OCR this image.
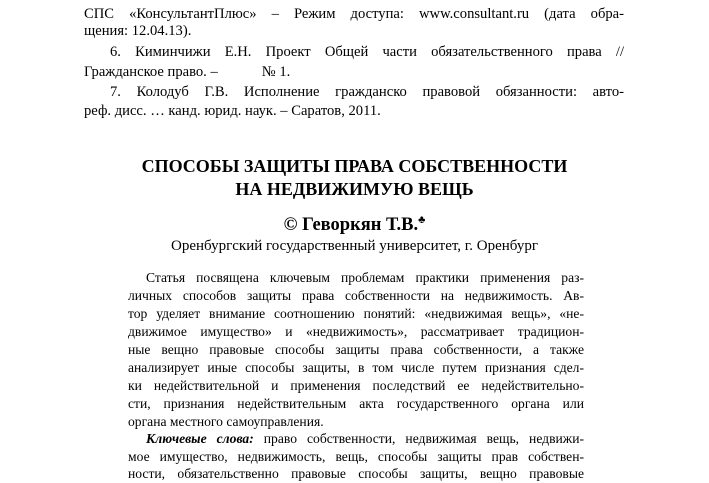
СПС «КонсультантПлюс» – Режим доступа: www.consultant.ru (дата обра-
щения: 12.04.13).
6. Киминчижи Е.Н. Проект Общей части обязательственного права //
Гражданское право. –	№ 1.
7. Колодуб Г.В. Исполнение гражданско правовой обязанности: авто-
реф. дисс. … канд. юрид. наук. – Саратов, 2011.
СПОСОБЫ ЗАЩИТЫ ПРАВА СОБСТВЕННОСТИ
НА НЕДВИЖИМУЮ ВЕЩЬ
© Геворкян Т.В.♣
Оренбургский государственный университет, г. Оренбург
Статья посвящена ключевым проблемам практики применения раз-
личных способов защиты права собственности на недвижимость. Ав-
тор уделяет внимание соотношению понятий: «недвижимая вещь», «не-
движимое имущество» и «недвижимость», рассматривает традицион-
ные вещно правовые способы защиты права собственности, а также
анализирует иные способы защиты, в том числе путем признания сдел-
ки недействительной и применения последствий ее недействительно-
сти, признания недействительным акта государственного органа или
органа местного самоуправления.
Ключевые слова: право собственности, недвижимая вещь, недвижи-
мое имущество, недвижимость, вещь, способы защиты прав собствен-
ности, обязательственно правовые способы защиты, вещно правовые
